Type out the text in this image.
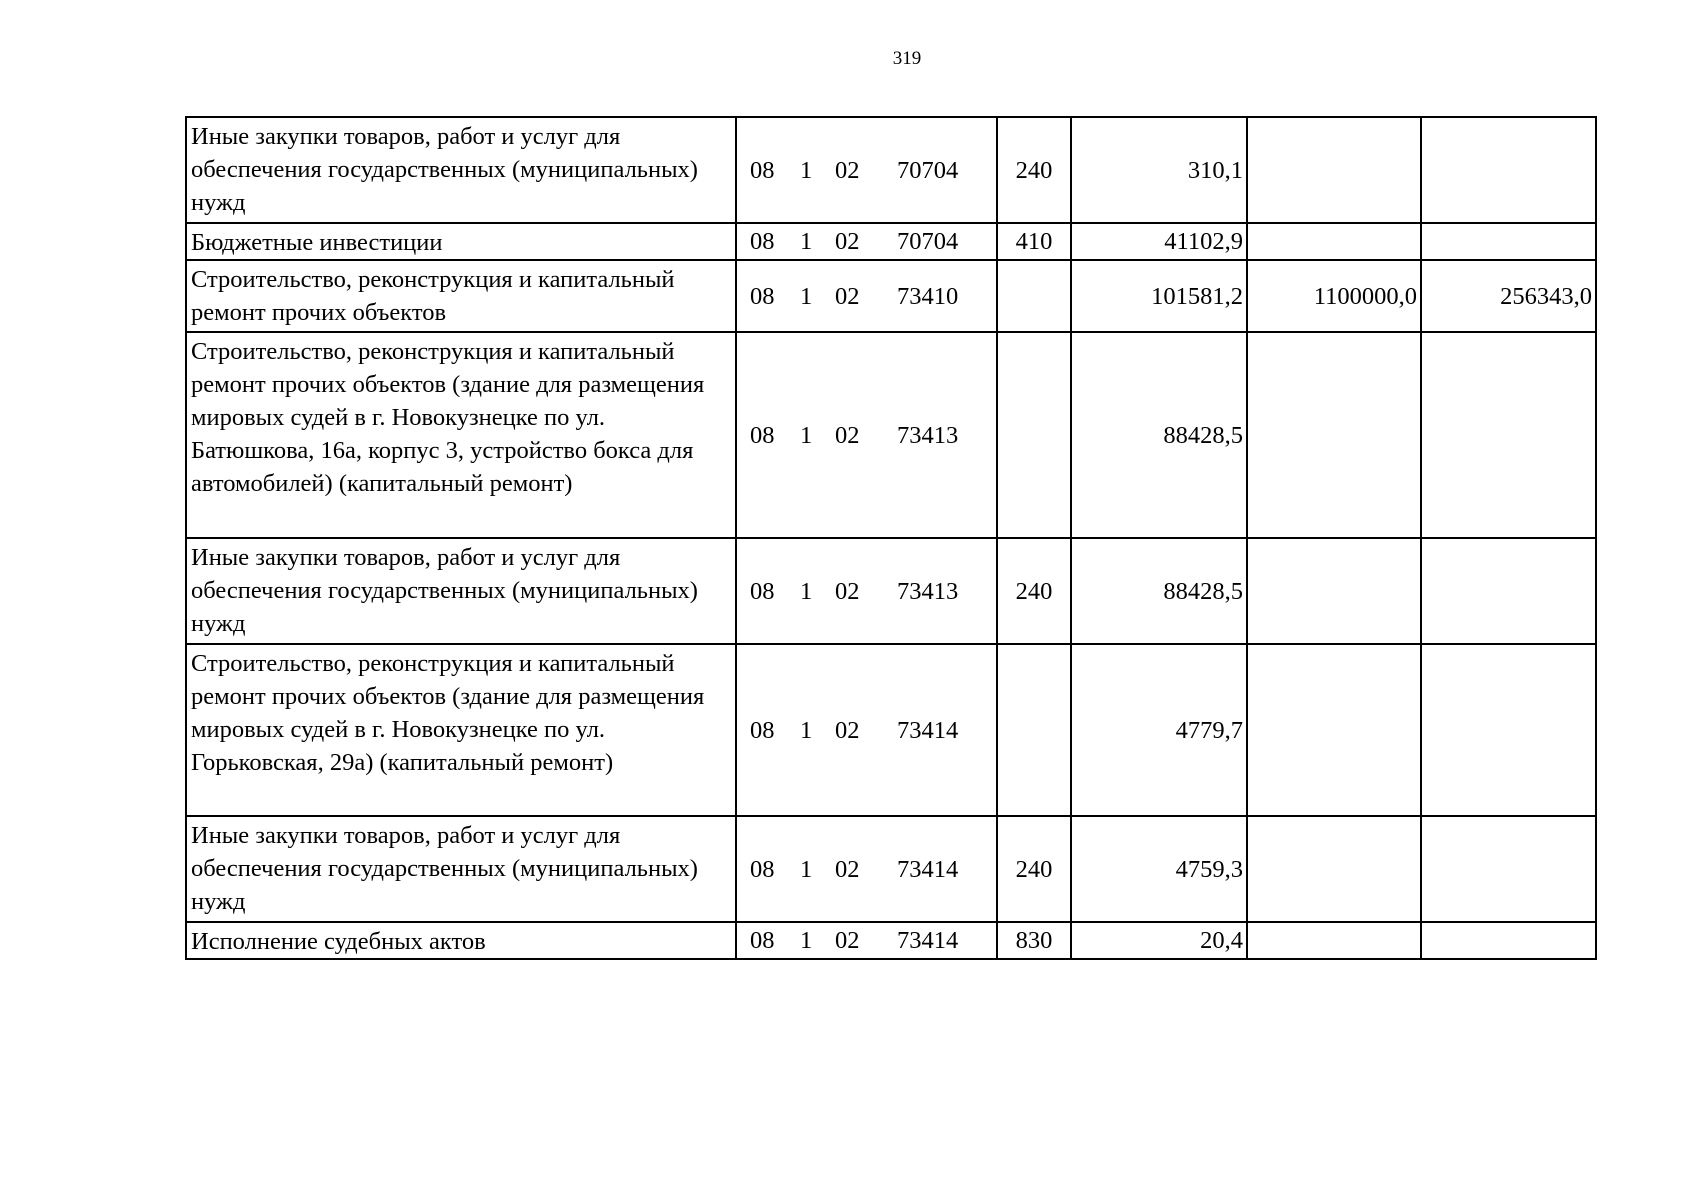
319
Иные закупки товаров, работ и услуг для обеспечения государственных (муниципальных) нужд	08 1 02 70704	240	310,1		
Бюджетные инвестиции	08 1 02 70704	410	41102,9		
Строительство, реконструкция и капитальный ремонт прочих объектов	08 1 02 73410		101581,2	1100000,0	256343,0
Строительство, реконструкция и капитальный ремонт прочих объектов (здание для размещения мировых судей в г. Новокузнецке по ул. Батюшкова, 16а, корпус 3, устройство бокса для автомобилей) (капитальный ремонт)	08 1 02 73413		88428,5		
Иные закупки товаров, работ и услуг для обеспечения государственных (муниципальных) нужд	08 1 02 73413	240	88428,5		
Строительство, реконструкция и капитальный ремонт прочих объектов (здание для размещения мировых судей в г. Новокузнецке по ул. Горьковская, 29а) (капитальный ремонт)	08 1 02 73414		4779,7		
Иные закупки товаров, работ и услуг для обеспечения государственных (муниципальных) нужд	08 1 02 73414	240	4759,3		
Исполнение судебных актов	08 1 02 73414	830	20,4		
